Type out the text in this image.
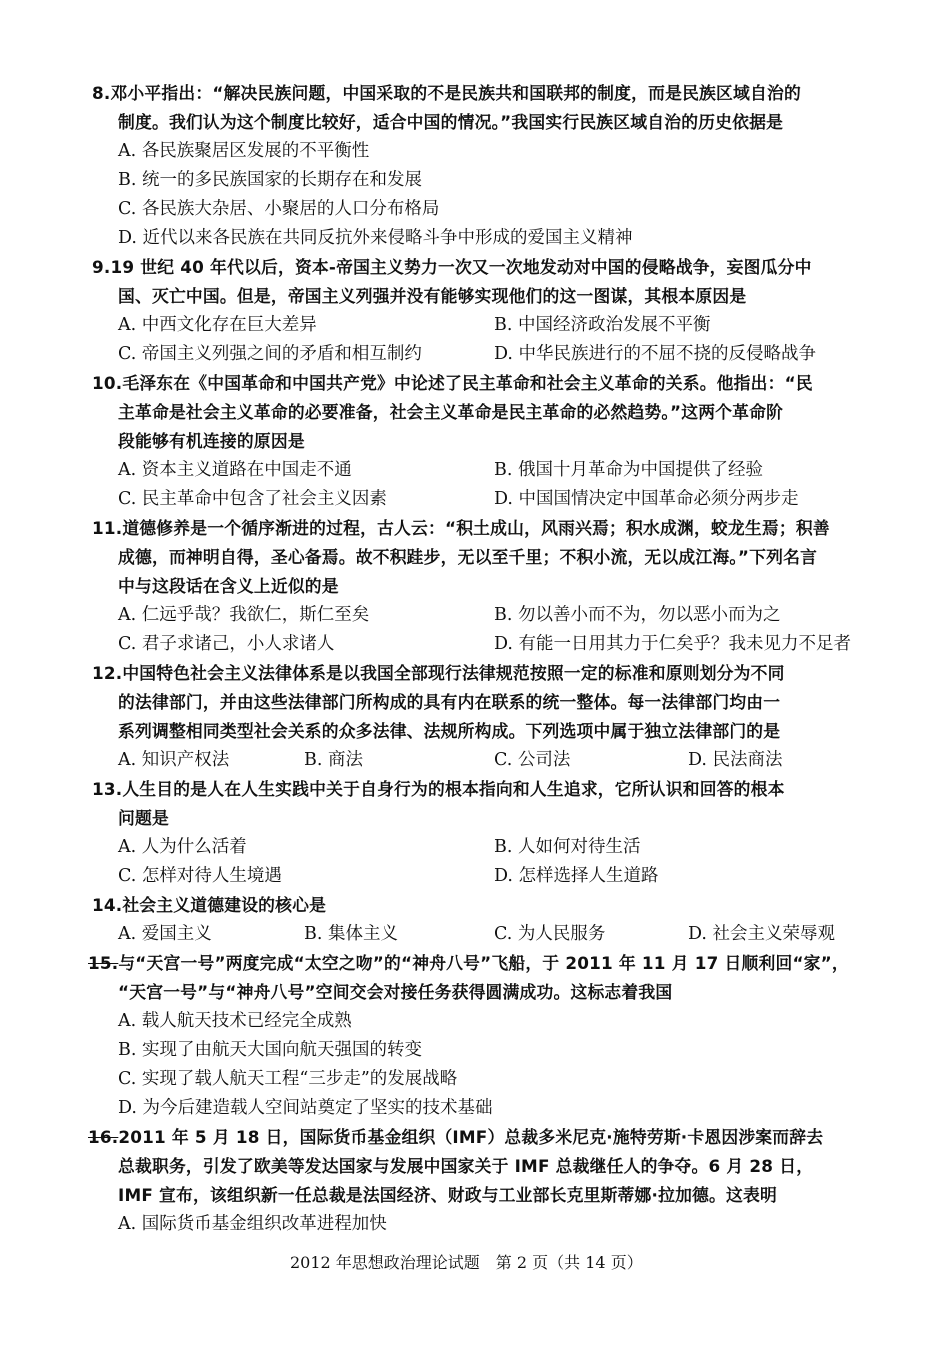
8.邓小平指出：“解决民族问题，中国采取的不是民族共和国联邦的制度，而是民族区域自治的
制度。我们认为这个制度比较好，适合中国的情况。”我国实行民族区域自治的历史依据是
A. 各民族聚居区发展的不平衡性
B. 统一的多民族国家的长期存在和发展
C. 各民族大杂居、小聚居的人口分布格局
D. 近代以来各民族在共同反抗外来侵略斗争中形成的爱国主义精神
9.19 世纪 40 年代以后，资本-帝国主义势力一次又一次地发动对中国的侵略战争，妄图瓜分中
国、灭亡中国。但是，帝国主义列强并没有能够实现他们的这一图谋，其根本原因是
A. 中西文化存在巨大差异	B. 中国经济政治发展不平衡
C. 帝国主义列强之间的矛盾和相互制约	D. 中华民族进行的不屈不挠的反侵略战争
10.毛泽东在《中国革命和中国共产党》中论述了民主革命和社会主义革命的关系。他指出：“民
主革命是社会主义革命的必要准备，社会主义革命是民主革命的必然趋势。”这两个革命阶
段能够有机连接的原因是
A. 资本主义道路在中国走不通	B. 俄国十月革命为中国提供了经验
C. 民主革命中包含了社会主义因素	D. 中国国情决定中国革命必须分两步走
11.道德修养是一个循序渐进的过程，古人云：“积土成山，风雨兴焉；积水成渊，蛟龙生焉；积善
成德，而神明自得，圣心备焉。故不积跬步，无以至千里；不积小流，无以成江海。”下列名言
中与这段话在含义上近似的是
A. 仁远乎哉？我欲仁，斯仁至矣	B. 勿以善小而不为，勿以恶小而为之
C. 君子求诸己，小人求诸人	D. 有能一日用其力于仁矣乎？我未见力不足者
12.中国特色社会主义法律体系是以我国全部现行法律规范按照一定的标准和原则划分为不同
的法律部门，并由这些法律部门所构成的具有内在联系的统一整体。每一法律部门均由一
系列调整相同类型社会关系的众多法律、法规所构成。下列选项中属于独立法律部门的是
A. 知识产权法	B. 商法	C. 公司法	D. 民法商法
13.人生目的是人在人生实践中关于自身行为的根本指向和人生追求，它所认识和回答的根本
问题是
A. 人为什么活着	B. 人如何对待生活
C. 怎样对待人生境遇	D. 怎样选择人生道路
14.社会主义道德建设的核心是
A. 爱国主义	B. 集体主义	C. 为人民服务	D. 社会主义荣辱观
15.与“天宫一号”两度完成“太空之吻”的“神舟八号”飞船，于 2011 年 11 月 17 日顺利回“家”，
“天宫一号”与“神舟八号”空间交会对接任务获得圆满成功。这标志着我国
A. 载人航天技术已经完全成熟
B. 实现了由航天大国向航天强国的转变
C. 实现了载人航天工程“三步走”的发展战略
D. 为今后建造载人空间站奠定了坚实的技术基础
16.2011 年 5 月 18 日，国际货币基金组织（IMF）总裁多米尼克·施特劳斯·卡恩因涉案而辞去
总裁职务，引发了欧美等发达国家与发展中国家关于 IMF 总裁继任人的争夺。6 月 28 日，
IMF 宣布，该组织新一任总裁是法国经济、财政与工业部长克里斯蒂娜·拉加德。这表明
A. 国际货币基金组织改革进程加快
2012 年思想政治理论试题　第 2 页（共 14 页）
